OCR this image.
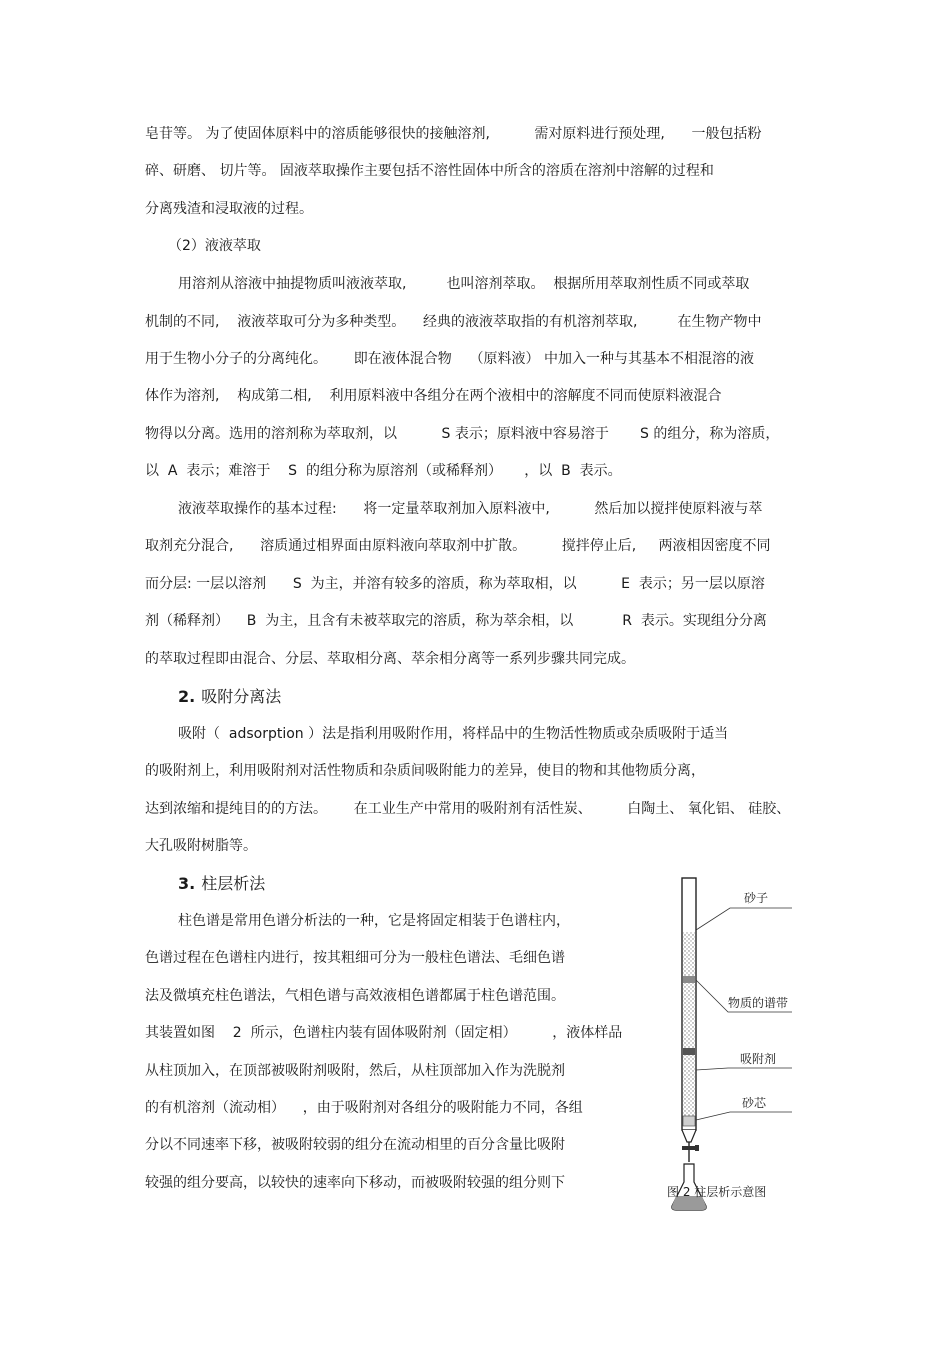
皂苷等。 为了使固体原料中的溶质能够很快的接触溶剂,          需对原料进行预处理,      一般包括粉
碎、研磨、 切片等。 固液萃取操作主要包括不溶性固体中所含的溶质在溶剂中溶解的过程和
分离残渣和浸取液的过程。
（2）液液萃取
用溶剂从溶液中抽提物质叫液液萃取,         也叫溶剂萃取。  根据所用萃取剂性质不同或萃取
机制的不同,    液液萃取可分为多种类型。    经典的液液萃取指的有机溶剂萃取,         在生物产物中
用于生物小分子的分离纯化。      即在液体混合物    （原料液） 中加入一种与其基本不相混溶的液
体作为溶剂,    构成第二相,    利用原料液中各组分在两个液相中的溶解度不同而使原料液混合
物得以分离。选用的溶剂称为萃取剂，以          S 表示；原料液中容易溶于       S 的组分，称为溶质，
以  A  表示；难溶于    S  的组分称为原溶剂（或稀释剂）     ，以  B  表示。
液液萃取操作的基本过程:      将一定量萃取剂加入原料液中,          然后加以搅拌使原料液与萃
取剂充分混合,      溶质通过相界面由原料液向萃取剂中扩散。        搅拌停止后,     两液相因密度不同
而分层: 一层以溶剂      S  为主，并溶有较多的溶质，称为萃取相，以          E  表示；另一层以原溶
剂（稀释剂）    B  为主，且含有未被萃取完的溶质，称为萃余相，以           R  表示。实现组分分离
的萃取过程即由混合、分层、萃取相分离、萃余相分离等一系列步骤共同完成。
2. 吸附分离法
吸附（  adsorption ）法是指利用吸附作用，将样品中的生物活性物质或杂质吸附于适当
的吸附剂上，利用吸附剂对活性物质和杂质间吸附能力的差异，使目的物和其他物质分离，
达到浓缩和提纯目的的方法。      在工业生产中常用的吸附剂有活性炭、        白陶土、 氧化铝、 硅胶、
大孔吸附树脂等。
3. 柱层析法
柱色谱是常用色谱分析法的一种，它是将固定相装于色谱柱内，
色谱过程在色谱柱内进行，按其粗细可分为一般柱色谱法、毛细色谱
法及微填充柱色谱法，气相色谱与高效液相色谱都属于柱色谱范围。
其装置如图    2  所示，色谱柱内装有固体吸附剂（固定相）        ，液体样品
从柱顶加入，在顶部被吸附剂吸附，然后，从柱顶部加入作为洗脱剂
的有机溶剂（流动相）    ，由于吸附剂对各组分的吸附能力不同，各组
分以不同速率下移，被吸附较弱的组分在流动相里的百分含量比吸附
较强的组分要高，以较快的速率向下移动，而被吸附较强的组分则下
砂子
物质的谱带
吸附剂
砂芯
图 2 柱层析示意图
